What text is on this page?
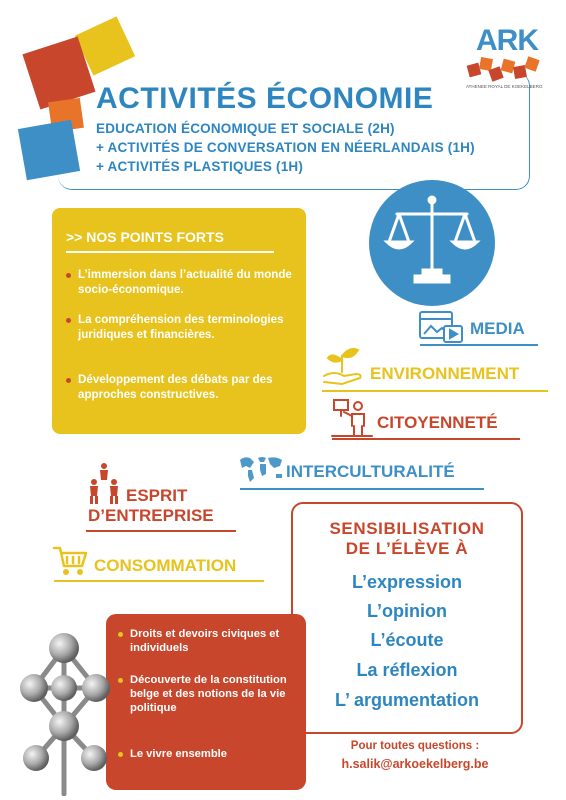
ACTIVITÉS ÉCONOMIE
EDUCATION ÉCONOMIQUE ET SOCIALE (2H)
+ ACTIVITÉS DE CONVERSATION EN NÉERLANDAIS (1H)
+ ACTIVITÉS PLASTIQUES (1H)
ARK
ATHENEE ROYAL DE KOEKELBERG
>> NOS POINTS FORTS
L’immersion dans l’actualité du monde socio-économique.
La compréhension des terminologies juridiques et financières.
Développement des débats par des approches constructives.
MEDIA
ENVIRONNEMENT
CITOYENNETÉ
INTERCULTURALITÉ
ESPRIT
D’ENTREPRISE
CONSOMMATION
SENSIBILISATION
DE L’ÉLÈVE À
L’expression
L’opinion
L’écoute
La réflexion
L’ argumentation
Droits et devoirs civiques et individuels
Découverte de la constitution belge et des notions de la vie politique
Le vivre ensemble
Pour toutes questions :
h.salik@arkoekelberg.be
